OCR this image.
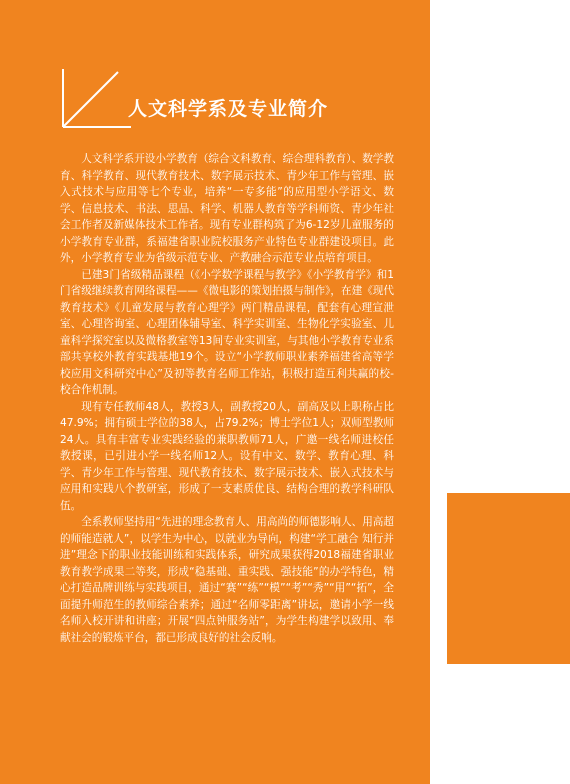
人文科学系及专业简介

人文科学系开设小学教育（综合文科教育、综合理科教育）、数学教育、科学教育、现代教育技术、数字展示技术、青少年工作与管理、嵌入式技术与应用等七个专业，培养“一专多能”的应用型小学语文、数学、信息技术、书法、思品、科学、机器人教育等学科师资、青少年社会工作者及新媒体技术工作者。现有专业群构筑了为6-12岁儿童服务的小学教育专业群，系福建省职业院校服务产业特色专业群建设项目。此外，小学教育专业为省级示范专业、产教融合示范专业点培育项目。

已建3门省级精品课程（《小学数学课程与教学》《小学教育学》和1门省级继续教育网络课程——《微电影的策划拍摄与制作》，在建《现代教育技术》《儿童发展与教育心理学》两门精品课程，配套有心理宣泄室、心理咨询室、心理团体辅导室、科学实训室、生物化学实验室、儿童科学探究室以及微格教室等13间专业实训室，与其他小学教育专业系部共享校外教育实践基地19个。设立“小学教师职业素养福建省高等学校应用文科研究中心”及初等教育名师工作站，积极打造互利共赢的校-校合作机制。

现有专任教师48人，教授3人，副教授20人，副高及以上职称占比47.9%；拥有硕士学位的38人，占79.2%；博士学位1人；双师型教师24人。具有丰富专业实践经验的兼职教师71人，广邀一线名师进校任教授课，已引进小学一线名师12人。设有中文、数学、教育心理、科学、青少年工作与管理、现代教育技术、数字展示技术、嵌入式技术与应用和实践八个教研室，形成了一支素质优良、结构合理的教学科研队伍。

全系教师坚持用“先进的理念教育人、用高尚的师德影响人、用高超的师能造就人”，以学生为中心，以就业为导向，构建“学工融合 知行并进”理念下的职业技能训练和实践体系，研究成果获得2018福建省职业教育教学成果二等奖，形成“稳基础、重实践、强技能”的办学特色，精心打造品牌训练与实践项目，通过“赛”“练”“模”“考”“秀”“用”“拓”，全面提升师范生的教师综合素养；通过“名师零距离”讲坛，邀请小学一线名师入校开讲和讲座；开展“四点钟服务站”，为学生构建学以致用、奉献社会的锻炼平台，都已形成良好的社会反响。
